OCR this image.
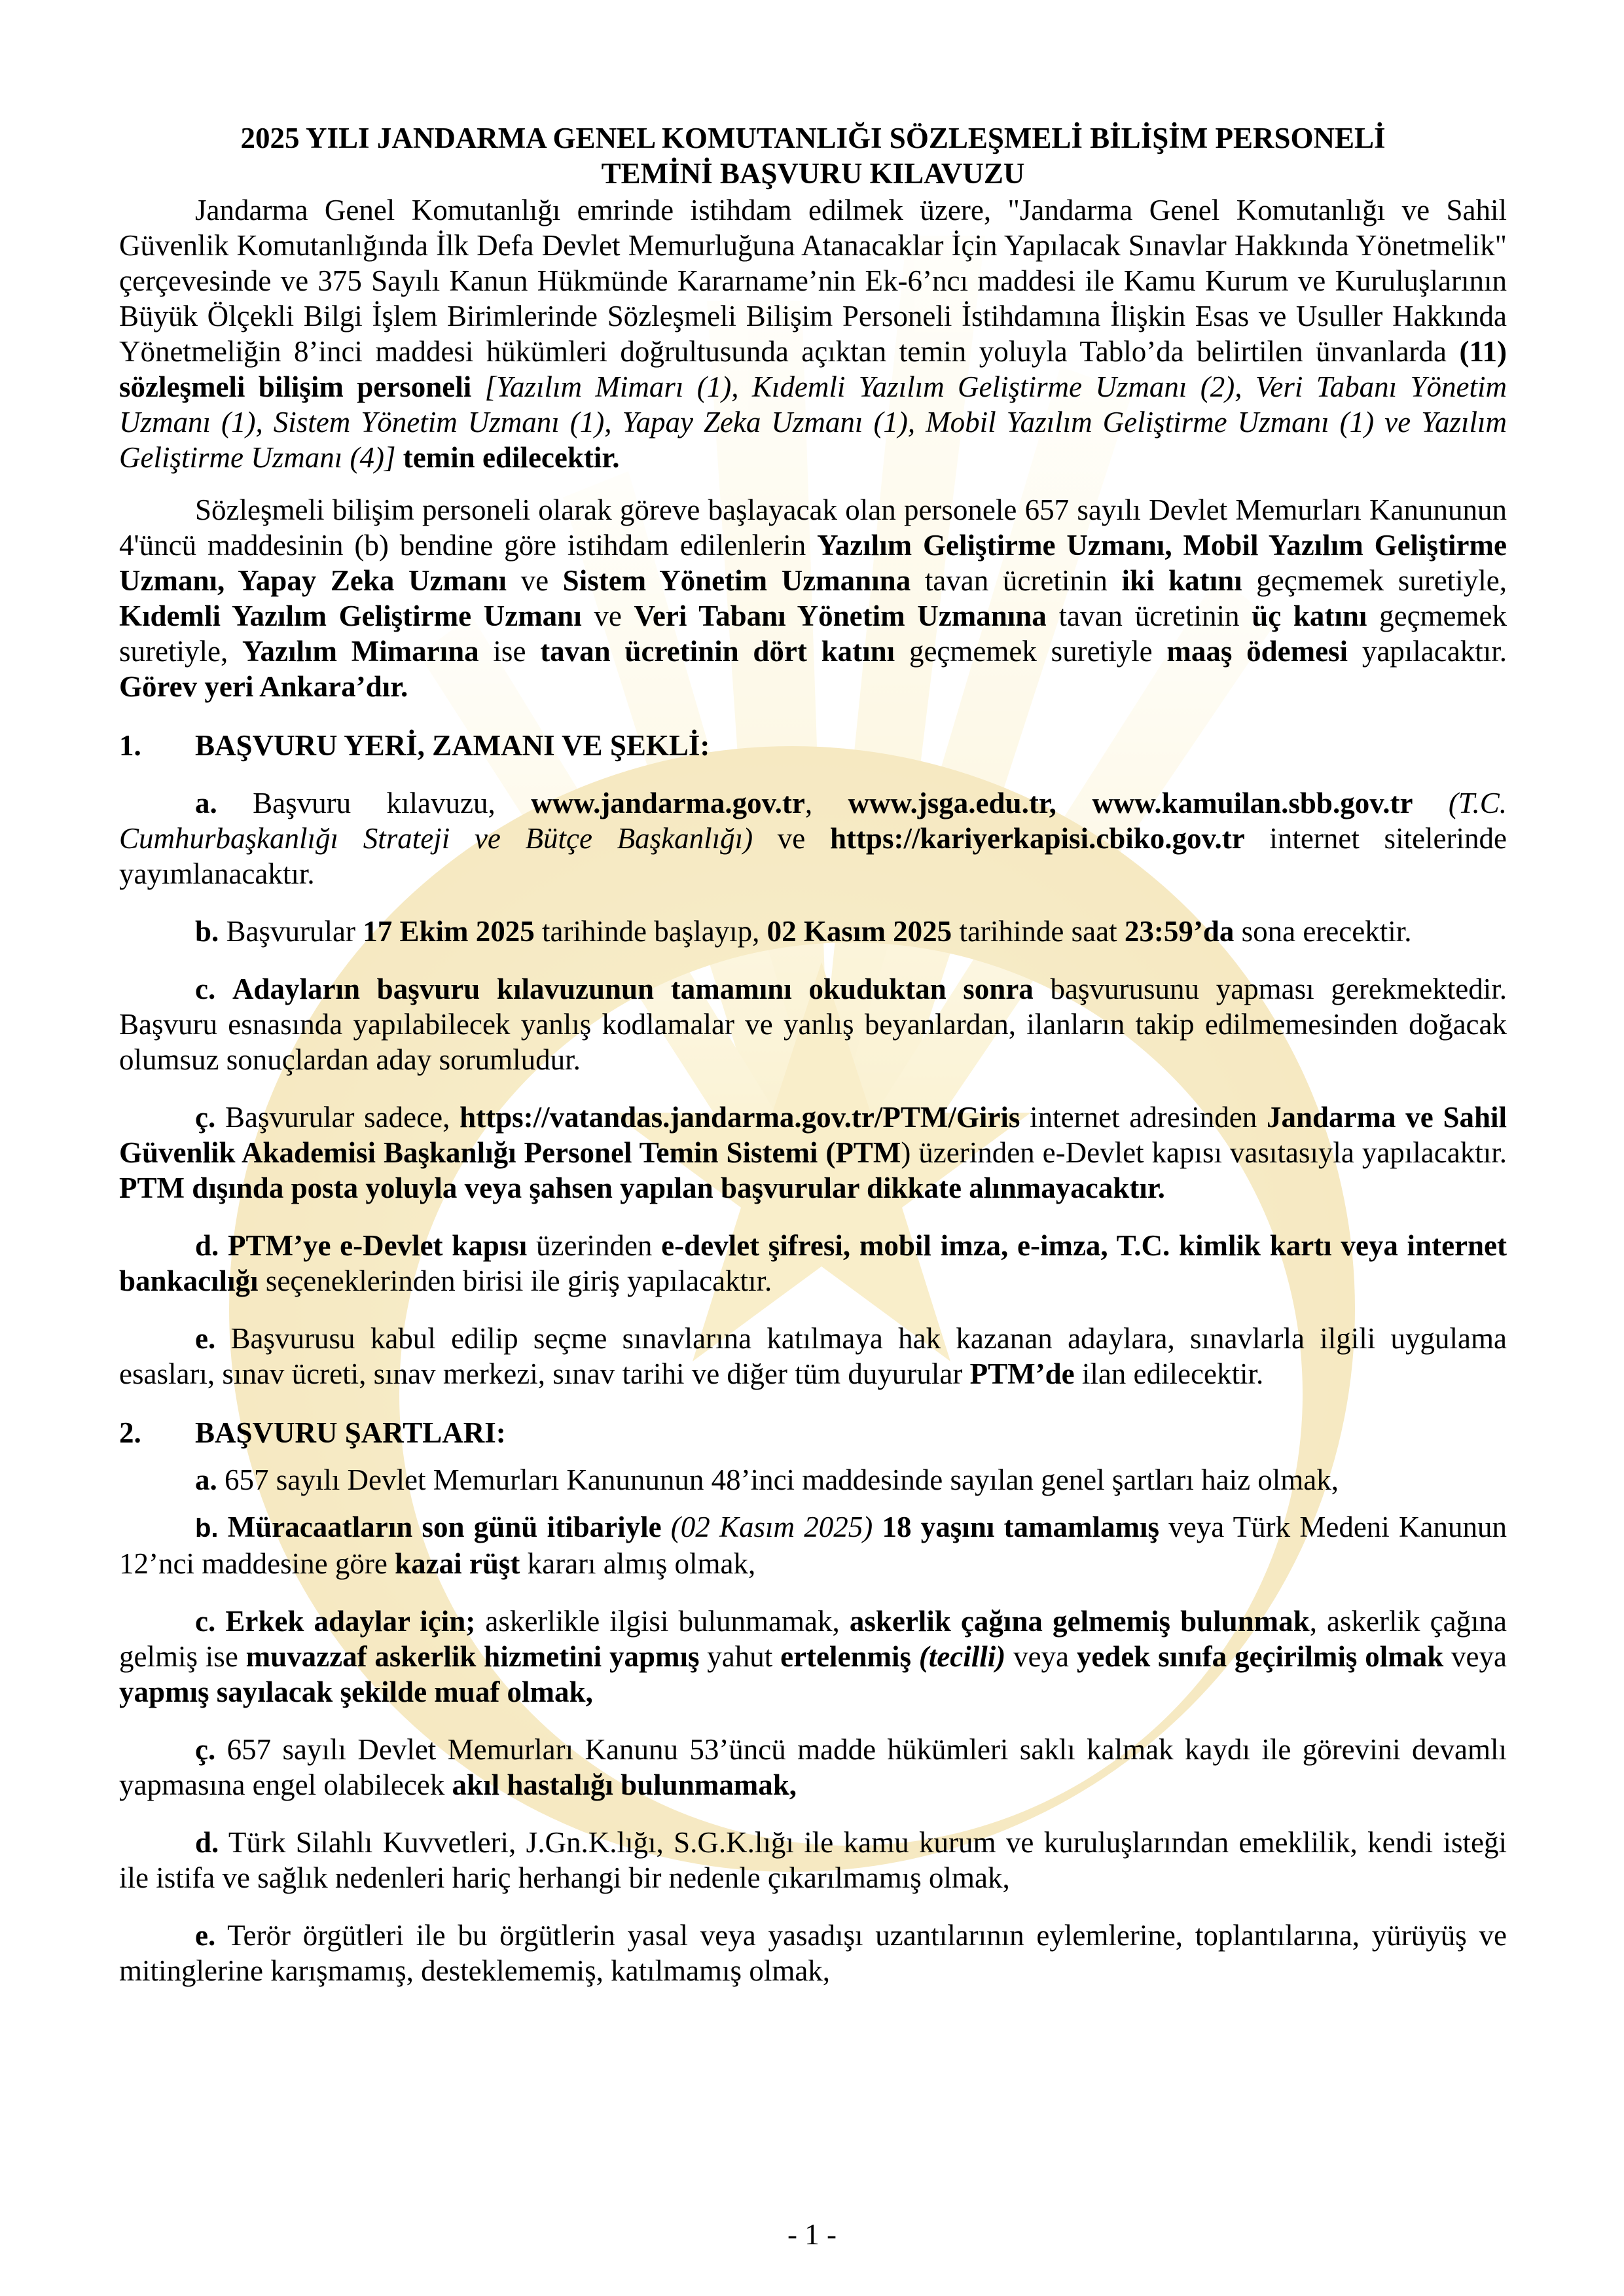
2025 YILI JANDARMA GENEL KOMUTANLIĞI SÖZLEŞMELİ BİLİŞİM PERSONELİ
TEMİNİ BAŞVURU KILAVUZU

Jandarma Genel Komutanlığı emrinde istihdam edilmek üzere, "Jandarma Genel Komutanlığı ve Sahil Güvenlik Komutanlığında İlk Defa Devlet Memurluğuna Atanacaklar İçin Yapılacak Sınavlar Hakkında Yönetmelik" çerçevesinde ve 375 Sayılı Kanun Hükmünde Kararname’nin Ek-6’ncı maddesi ile Kamu Kurum ve Kuruluşlarının Büyük Ölçekli Bilgi İşlem Birimlerinde Sözleşmeli Bilişim Personeli İstihdamına İlişkin Esas ve Usuller Hakkında Yönetmeliğin 8’inci maddesi hükümleri doğrultusunda açıktan temin yoluyla Tablo’da belirtilen ünvanlarda (11) sözleşmeli bilişim personeli [Yazılım Mimarı (1), Kıdemli Yazılım Geliştirme Uzmanı (2), Veri Tabanı Yönetim Uzmanı (1), Sistem Yönetim Uzmanı (1), Yapay Zeka Uzmanı (1), Mobil Yazılım Geliştirme Uzmanı (1) ve Yazılım Geliştirme Uzmanı (4)] temin edilecektir.

Sözleşmeli bilişim personeli olarak göreve başlayacak olan personele 657 sayılı Devlet Memurları Kanununun 4'üncü maddesinin (b) bendine göre istihdam edilenlerin Yazılım Geliştirme Uzmanı, Mobil Yazılım Geliştirme Uzmanı, Yapay Zeka Uzmanı ve Sistem Yönetim Uzmanına tavan ücretinin iki katını geçmemek suretiyle, Kıdemli Yazılım Geliştirme Uzmanı ve Veri Tabanı Yönetim Uzmanına tavan ücretinin üç katını geçmemek suretiyle, Yazılım Mimarına ise tavan ücretinin dört katını geçmemek suretiyle maaş ödemesi yapılacaktır. Görev yeri Ankara’dır.

1. BAŞVURU YERİ, ZAMANI VE ŞEKLİ:

a. Başvuru kılavuzu, www.jandarma.gov.tr, www.jsga.edu.tr, www.kamuilan.sbb.gov.tr (T.C. Cumhurbaşkanlığı Strateji ve Bütçe Başkanlığı) ve https://kariyerkapisi.cbiko.gov.tr internet sitelerinde yayımlanacaktır.

b. Başvurular 17 Ekim 2025 tarihinde başlayıp, 02 Kasım 2025 tarihinde saat 23:59’da sona erecektir.

c. Adayların başvuru kılavuzunun tamamını okuduktan sonra başvurusunu yapması gerekmektedir. Başvuru esnasında yapılabilecek yanlış kodlamalar ve yanlış beyanlardan, ilanların takip edilmemesinden doğacak olumsuz sonuçlardan aday sorumludur.

ç. Başvurular sadece, https://vatandas.jandarma.gov.tr/PTM/Giris internet adresinden Jandarma ve Sahil Güvenlik Akademisi Başkanlığı Personel Temin Sistemi (PTM) üzerinden e-Devlet kapısı vasıtasıyla yapılacaktır. PTM dışında posta yoluyla veya şahsen yapılan başvurular dikkate alınmayacaktır.

d. PTM’ye e-Devlet kapısı üzerinden e-devlet şifresi, mobil imza, e-imza, T.C. kimlik kartı veya internet bankacılığı seçeneklerinden birisi ile giriş yapılacaktır.

e. Başvurusu kabul edilip seçme sınavlarına katılmaya hak kazanan adaylara, sınavlarla ilgili uygulama esasları, sınav ücreti, sınav merkezi, sınav tarihi ve diğer tüm duyurular PTM’de ilan edilecektir.

2. BAŞVURU ŞARTLARI:

a. 657 sayılı Devlet Memurları Kanununun 48’inci maddesinde sayılan genel şartları haiz olmak,

b. Müracaatların son günü itibariyle (02 Kasım 2025) 18 yaşını tamamlamış veya Türk Medeni Kanunun 12’nci maddesine göre kazai rüşt kararı almış olmak,

c. Erkek adaylar için; askerlikle ilgisi bulunmamak, askerlik çağına gelmemiş bulunmak, askerlik çağına gelmiş ise muvazzaf askerlik hizmetini yapmış yahut ertelenmiş (tecilli) veya yedek sınıfa geçirilmiş olmak veya yapmış sayılacak şekilde muaf olmak,

ç. 657 sayılı Devlet Memurları Kanunu 53’üncü madde hükümleri saklı kalmak kaydı ile görevini devamlı yapmasına engel olabilecek akıl hastalığı bulunmamak,

d. Türk Silahlı Kuvvetleri, J.Gn.K.lığı, S.G.K.lığı ile kamu kurum ve kuruluşlarından emeklilik, kendi isteği ile istifa ve sağlık nedenleri hariç herhangi bir nedenle çıkarılmamış olmak,

e. Terör örgütleri ile bu örgütlerin yasal veya yasadışı uzantılarının eylemlerine, toplantılarına, yürüyüş ve mitinglerine karışmamış, desteklememiş, katılmamış olmak,

- 1 -
